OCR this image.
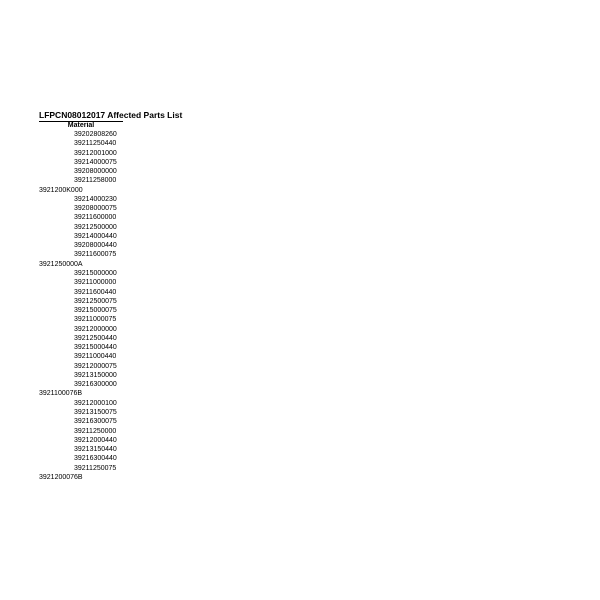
LFPCN08012017 Affected Parts List
Material
39202808260
39211250440
39212001000
39214000075
39208000000
39211258000
3921200K000
39214000230
39208000075
39211600000
39212500000
39214000440
39208000440
39211600075
3921250000A
39215000000
39211000000
39211600440
39212500075
39215000075
39211000075
39212000000
39212500440
39215000440
39211000440
39212000075
39213150000
39216300000
3921100076B
39212000100
39213150075
39216300075
39211250000
39212000440
39213150440
39216300440
39211250075
3921200076B
